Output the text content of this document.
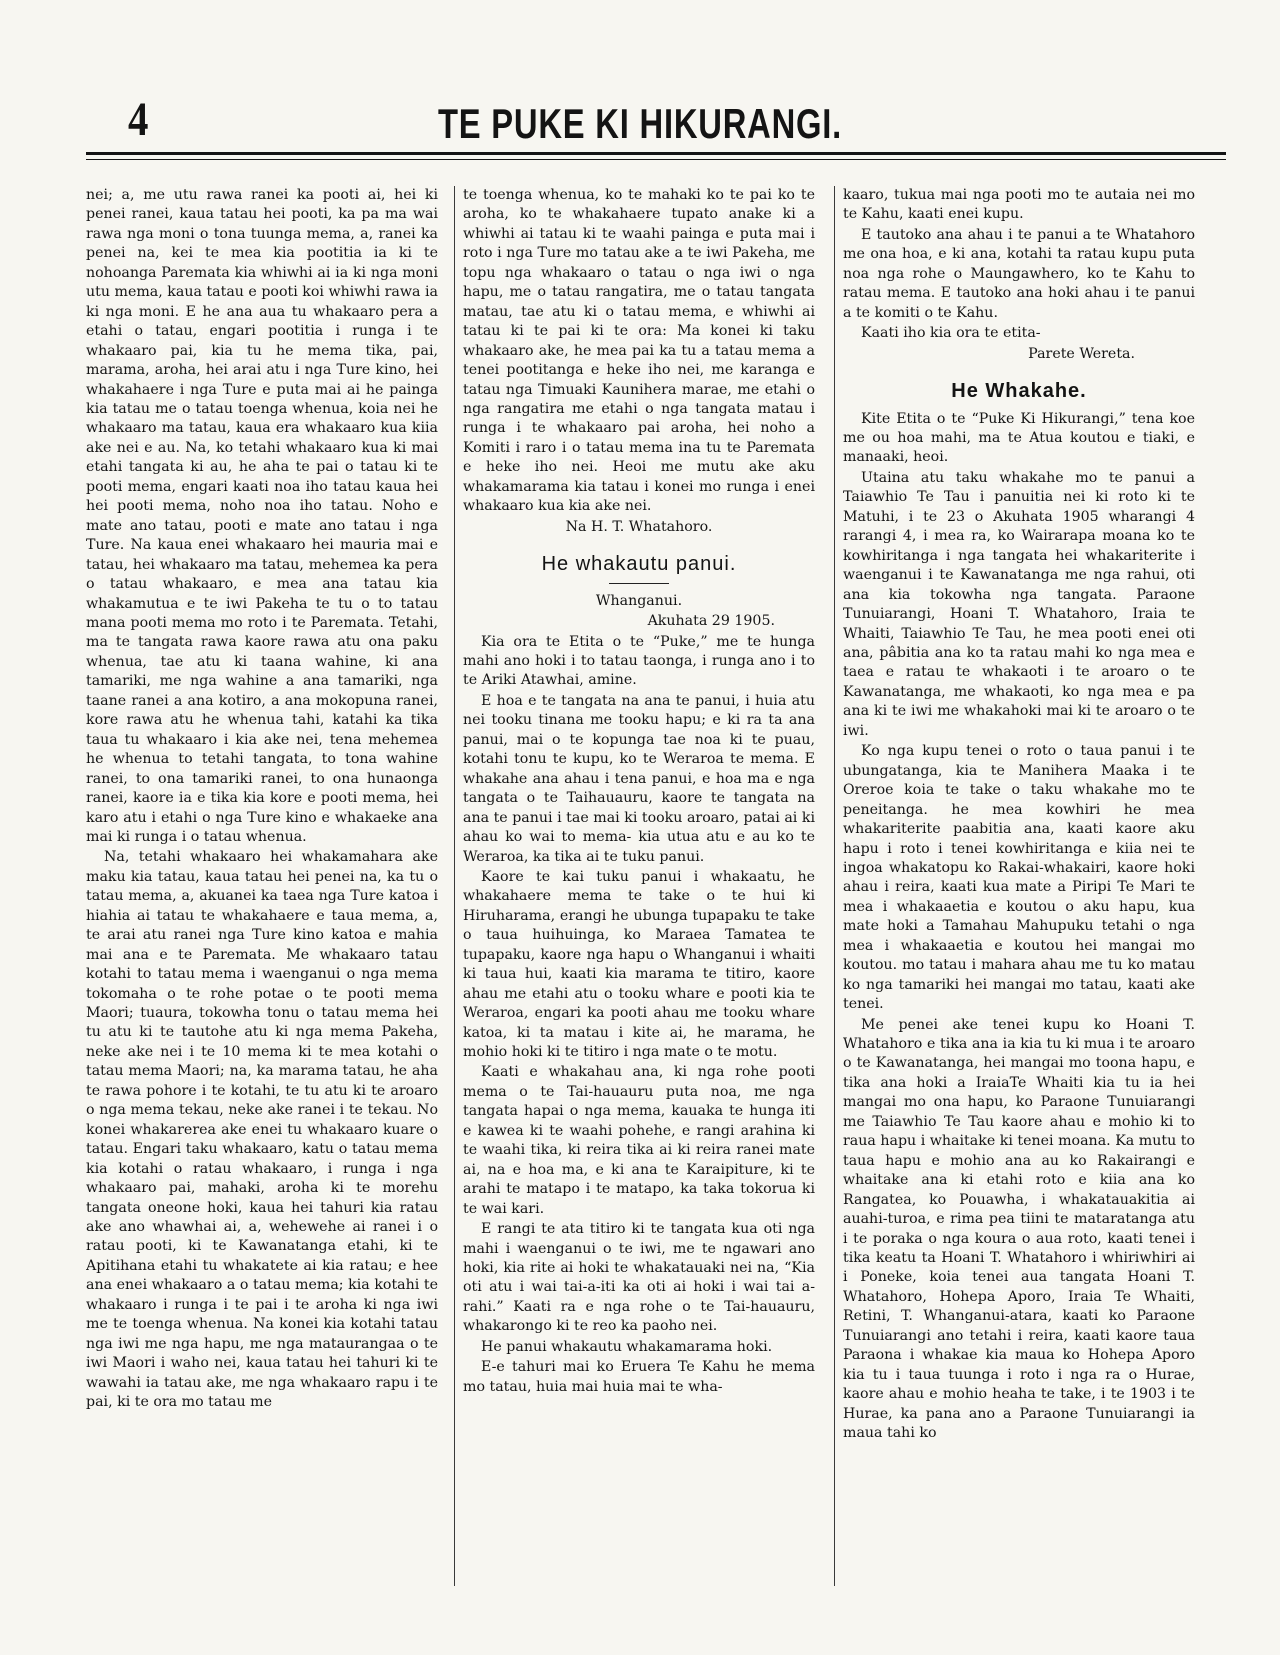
4	TE PUKE KI HIKURANGI.

nei; a, me utu rawa ranei ka pooti ai, hei ki penei ranei, kaua tatau hei pooti, ka pa ma wai rawa nga moni o tona tuunga mema, a, ranei ka penei na, kei te mea kia pootitia ia ki te nohoanga Paremata kia whiwhi ai ia ki nga moni utu mema, kaua tatau e pooti koi whiwhi rawa ia ki nga moni. E he ana aua tu whakaaro pera a etahi o tatau, engari pootitia i runga i te whakaaro pai, kia tu he mema tika, pai, marama, aroha, hei arai atu i nga Ture kino, hei whakahaere i nga Ture e puta mai ai he painga kia tatau me o tatau toenga whenua, koia nei he whakaaro ma tatau, kaua era whakaaro kua kiia ake nei e au. Na, ko tetahi whakaaro kua ki mai etahi tangata ki au, he aha te pai o tatau ki te pooti mema, engari kaati noa iho tatau kaua hei hei pooti mema, noho noa iho tatau. Noho e mate ano tatau, pooti e mate ano tatau i nga Ture. Na kaua enei whakaaro hei mauria mai e tatau, hei whakaaro ma tatau, mehemea ka pera o tatau whakaaro, e mea ana tatau kia whakamutua e te iwi Pakeha te tu o to tatau mana pooti mema mo roto i te Paremata. Tetahi, ma te tangata rawa kaore rawa atu ona paku whenua, tae atu ki taana wahine, ki ana tamariki, me nga wahine a ana tamariki, nga taane ranei a ana kotiro, a ana mokopuna ranei, kore rawa atu he whenua tahi, katahi ka tika taua tu whakaaro i kia ake nei, tena mehemea he whenua to tetahi tangata, to tona wahine ranei, to ona tamariki ranei, to ona hunaonga ranei, kaore ia e tika kia kore e pooti mema, hei karo atu i etahi o nga Ture kino e whakaeke ana mai ki runga i o tatau whenua.

Na, tetahi whakaaro hei whakamahara ake maku kia tatau, kaua tatau hei penei na, ka tu o tatau mema, a, akuanei ka taea nga Ture katoa i hiahia ai tatau te whakahaere e taua mema, a, te arai atu ranei nga Ture kino katoa e mahia mai ana e te Paremata. Me whakaaro tatau kotahi to tatau mema i waenganui o nga mema tokomaha o te rohe potae o te pooti mema Maori; tuaura, tokowha tonu o tatau mema hei tu atu ki te tautohe atu ki nga mema Pakeha, neke ake nei i te 10 mema ki te mea kotahi o tatau mema Maori; na, ka marama tatau, he aha te rawa pohore i te kotahi, te tu atu ki te aroaro o nga mema tekau, neke ake ranei i te tekau. No konei whakarerea ake enei tu whakaaro kuare o tatau. Engari taku whakaaro, katu o tatau mema kia kotahi o ratau whakaaro, i runga i nga whakaaro pai, mahaki, aroha ki te morehu tangata oneone hoki, kaua hei tahuri kia ratau ake ano whawhai ai, a, wehewehe ai ranei i o ratau pooti, ki te Kawanatanga etahi, ki te Apitihana etahi tu whakatete ai kia ratau; e hee ana enei whakaaro a o tatau mema; kia kotahi te whakaaro i runga i te pai i te aroha ki nga iwi me te toenga whenua. Na konei kia kotahi tatau nga iwi me nga hapu, me nga mataurangaa o te iwi Maori i waho nei, kaua tatau hei tahuri ki te wawahi ia tatau ake, me nga whakaaro rapu i te pai, ki te ora mo tatau me

te toenga whenua, ko te mahaki ko te pai ko te aroha, ko te whakahaere tupato anake ki a whiwhi ai tatau ki te waahi painga e puta mai i roto i nga Ture mo tatau ake a te iwi Pakeha, me topu nga whakaaro o tatau o nga iwi o nga hapu, me o tatau rangatira, me o tatau tangata matau, tae atu ki o tatau mema, e whiwhi ai tatau ki te pai ki te ora: Ma konei ki taku whakaaro ake, he mea pai ka tu a tatau mema a tenei pootitanga e heke iho nei, me karanga e tatau nga Timuaki Kaunihera marae, me etahi o nga rangatira me etahi o nga tangata matau i runga i te whakaaro pai aroha, hei noho a Komiti i raro i o tatau mema ina tu te Paremata e heke iho nei. Heoi me mutu ake aku whakamarama kia tatau i konei mo runga i enei whakaaro kua kia ake nei.

Na H. T. Whatahoro.

He whakautu panui.

Whanganui.

Akuhata 29 1905.

Kia ora te Etita o te “Puke,” me te hunga mahi ano hoki i to tatau taonga, i runga ano i to te Ariki Atawhai, amine.

E hoa e te tangata na ana te panui, i huia atu nei tooku tinana me tooku hapu; e ki ra ta ana panui, mai o te kopunga tae noa ki te puau, kotahi tonu te kupu, ko te Weraroa te mema. E whakahe ana ahau i tena panui, e hoa ma e nga tangata o te Taihauauru, kaore te tangata na ana te panui i tae mai ki tooku aroaro, patai ai ki ahau ko wai to mema- kia utua atu e au ko te Weraroa, ka tika ai te tuku panui.

Kaore te kai tuku panui i whakaatu, he whakahaere mema te take o te hui ki Hiruharama, erangi he ubunga tupapaku te take o taua huihuinga, ko Maraea Tamatea te tupapaku, kaore nga hapu o Whanganui i whaiti ki taua hui, kaati kia marama te titiro, kaore ahau me etahi atu o tooku whare e pooti kia te Weraroa, engari ka pooti ahau me tooku whare katoa, ki ta matau i kite ai, he marama, he mohio hoki ki te titiro i nga mate o te motu.

Kaati e whakahau ana, ki nga rohe pooti mema o te Tai-hauauru puta noa, me nga tangata hapai o nga mema, kauaka te hunga iti e kawea ki te waahi pohehe, e rangi arahina ki te waahi tika, ki reira tika ai ki reira ranei mate ai, na e hoa ma, e ki ana te Karaipiture, ki te arahi te matapo i te matapo, ka taka tokorua ki te wai kari.

E rangi te ata titiro ki te tangata kua oti nga mahi i waenganui o te iwi, me te ngawari ano hoki, kia rite ai hoki te whakatauaki nei na, “Kia oti atu i wai tai-a-iti ka oti ai hoki i wai tai a-rahi.” Kaati ra e nga rohe o te Tai-hauauru, whakarongo ki te reo ka paoho nei.

He panui whakautu whakamarama hoki.

E-e tahuri mai ko Eruera Te Kahu he mema mo tatau, huia mai huia mai te wha-

kaaro, tukua mai nga pooti mo te autaia nei mo te Kahu, kaati enei kupu.

E tautoko ana ahau i te panui a te Whatahoro me ona hoa, e ki ana, kotahi ta ratau kupu puta noa nga rohe o Maungawhero, ko te Kahu to ratau mema. E tautoko ana hoki ahau i te panui a te komiti o te Kahu.

Kaati iho kia ora te etita-

Parete Wereta.

He Whakahe.

Kite Etita o te “Puke Ki Hikurangi,” tena koe me ou hoa mahi, ma te Atua koutou e tiaki, e manaaki, heoi.

Utaina atu taku whakahe mo te panui a Taiawhio Te Tau i panuitia nei ki roto ki te Matuhi, i te 23 o Akuhata 1905 wharangi 4 rarangi 4, i mea ra, ko Wairarapa moana ko te kowhiritanga i nga tangata hei whakariterite i waenganui i te Kawanatanga me nga rahui, oti ana kia tokowha nga tangata. Paraone Tunuiarangi, Hoani T. Whatahoro, Iraia te Whaiti, Taiawhio Te Tau, he mea pooti enei oti ana, pâbitia ana ko ta ratau mahi ko nga mea e taea e ratau te whakaoti i te aroaro o te Kawanatanga, me whakaoti, ko nga mea e pa ana ki te iwi me whakahoki mai ki te aroaro o te iwi.

Ko nga kupu tenei o roto o taua panui i te ubungatanga, kia te Manihera Maaka i te Oreroe koia te take o taku whakahe mo te peneitanga. he mea kowhiri he mea whakariterite paabitia ana, kaati kaore aku hapu i roto i tenei kowhiritanga e kiia nei te ingoa whakatopu ko Rakai-whakairi, kaore hoki ahau i reira, kaati kua mate a Piripi Te Mari te mea i whakaaetia e koutou o aku hapu, kua mate hoki a Tamahau Mahupuku tetahi o nga mea i whakaaetia e koutou hei mangai mo koutou. mo tatau i mahara ahau me tu ko matau ko nga tamariki hei mangai mo tatau, kaati ake tenei.

Me penei ake tenei kupu ko Hoani T. Whatahoro e tika ana ia kia tu ki mua i te aroaro o te Kawanatanga, hei mangai mo toona hapu, e tika ana hoki a IraiaTe Whaiti kia tu ia hei mangai mo ona hapu, ko Paraone Tunuiarangi me Taiawhio Te Tau kaore ahau e mohio ki to raua hapu i whaitake ki tenei moana. Ka mutu to taua hapu e mohio ana au ko Rakairangi e whaitake ana ki etahi roto e kiia ana ko Rangatea, ko Pouawha, i whakatauakitia ai auahi-turoa, e rima pea tiini te mataratanga atu i te poraka o nga koura o aua roto, kaati tenei i tika keatu ta Hoani T. Whatahoro i whiriwhiri ai i Poneke, koia tenei aua tangata Hoani T. Whatahoro, Hohepa Aporo, Iraia Te Whaiti, Retini, T. Whanganui-atara, kaati ko Paraone Tunuiarangi ano tetahi i reira, kaati kaore taua Paraona i whakae kia maua ko Hohepa Aporo kia tu i taua tuunga i roto i nga ra o Hurae, kaore ahau e mohio heaha te take, i te 1903 i te Hurae, ka pana ano a Paraone Tunuiarangi ia maua tahi ko
